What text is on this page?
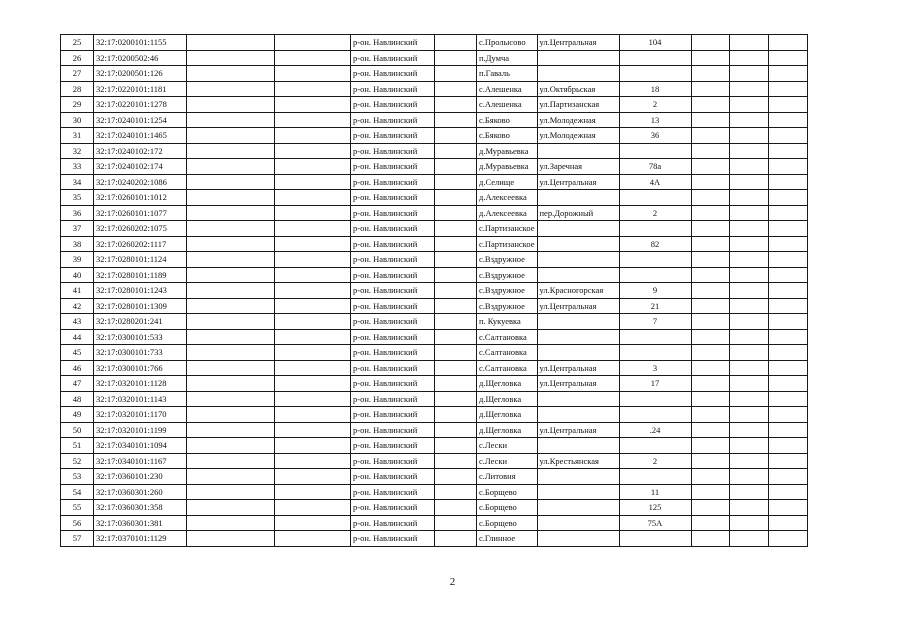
25	32:17:0200101:1155			р-он. Навлинский		с.Пролысово	ул.Центральная	104			
26	32:17:0200502:46			р-он. Навлинский		п.Думча					
27	32:17:0200501:126			р-он. Навлинский		п.Гаваль					
28	32:17:0220101:1181			р-он. Навлинский		с.Алешенка	ул.Октябрьская	18			
29	32:17:0220101:1278			р-он. Навлинский		с.Алешенка	ул.Партизанская	2			
30	32:17:0240101:1254			р-он. Навлинский		с.Бяково	ул.Молодежная	13			
31	32:17:0240101:1465			р-он. Навлинский		с.Бяково	ул.Молодежная	36			
32	32:17:0240102:172			р-он. Навлинский		д.Муравьевка					
33	32:17:0240102:174			р-он. Навлинский		д.Муравьевка	ул.Заречная	78а			
34	32:17:0240202:1086			р-он. Навлинский		д.Селище	ул.Центральная	4А			
35	32:17:0260101:1012			р-он. Навлинский		д.Алексеевка					
36	32:17:0260101:1077			р-он. Навлинский		д.Алексеевка	пер.Дорожный	2			
37	32:17:0260202:1075			р-он. Навлинский		с.Партизанское					
38	32:17:0260202:1117			р-он. Навлинский		с.Партизанское		82			
39	32:17:0280101:1124			р-он. Навлинский		с.Вздружное					
40	32:17:0280101:1189			р-он. Навлинский		с.Вздружное					
41	32:17:0280101:1243			р-он. Навлинский		с.Вздружное	ул.Красногорская	9			
42	32:17:0280101:1309			р-он. Навлинский		с.Вздружное	ул.Центральная	21			
43	32:17:0280201:241			р-он. Навлинский		п. Кукуевка		7			
44	32:17:0300101:533			р-он. Навлинский		с.Салтановка					
45	32:17:0300101:733			р-он. Навлинский		с.Салтановка					
46	32:17:0300101:766			р-он. Навлинский		с.Салтановка	ул.Центральная	3			
47	32:17:0320101:1128			р-он. Навлинский		д.Щегловка	ул.Центральная	17			
48	32:17:0320101:1143			р-он. Навлинский		д.Щегловка					
49	32:17:0320101:1170			р-он. Навлинский		д.Щегловка					
50	32:17:0320101:1199			р-он. Навлинский		д.Щегловка	ул.Центральная	.24			
51	32:17:0340101:1094			р-он. Навлинский		с.Лески					
52	32:17:0340101:1167			р-он. Навлинский		с.Лески	ул.Крестьянская	2			
53	32:17:0360101:230			р-он. Навлинский		с.Литовня					
54	32:17:0360301:260			р-он. Навлинский		с.Борщево		11			
55	32:17:0360301:358			р-он. Навлинский		с.Борщево		125			
56	32:17:0360301:381			р-он. Навлинский		с.Борщево		75А			
57	32:17:0370101:1129			р-он. Навлинский		с.Глинное					
2
